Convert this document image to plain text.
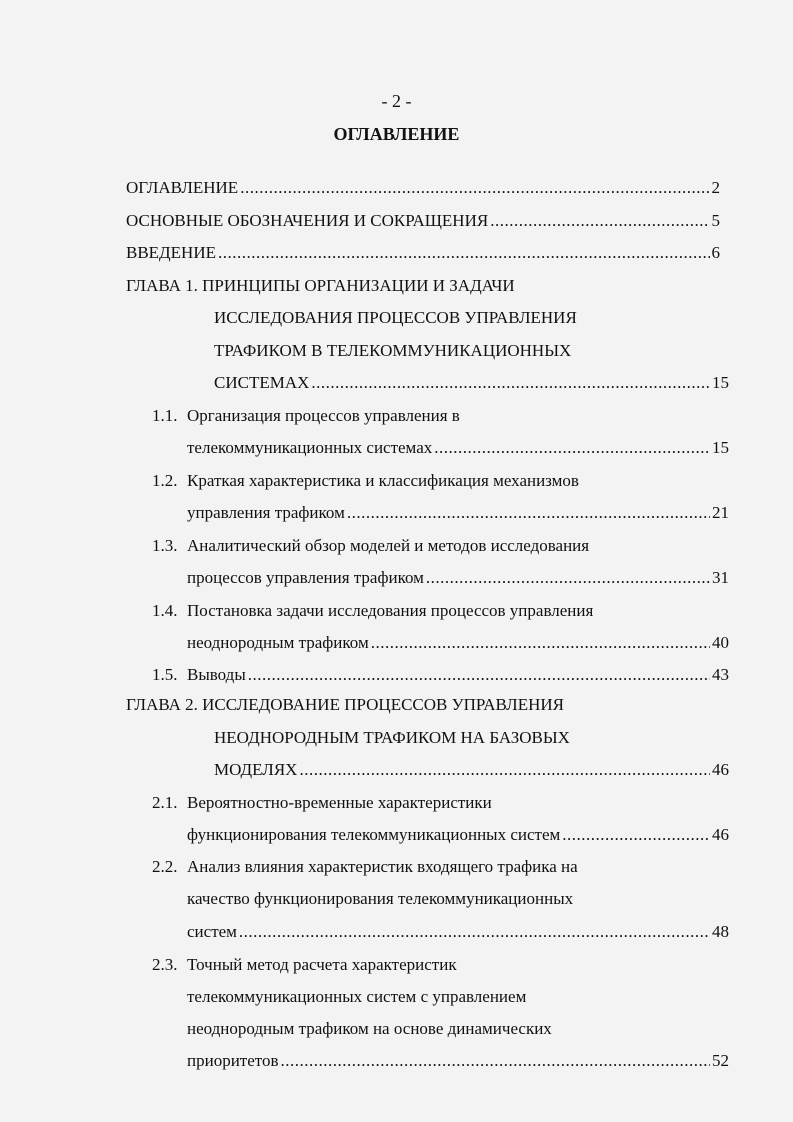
- 2 -
ОГЛАВЛЕНИЕ
ОГЛАВЛЕНИЕ .....	2
ОСНОВНЫЕ ОБОЗНАЧЕНИЯ И СОКРАЩЕНИЯ .....	5
ВВЕДЕНИЕ .....	6
ГЛАВА 1. ПРИНЦИПЫ ОРГАНИЗАЦИИ И ЗАДАЧИ
ИССЛЕДОВАНИЯ ПРОЦЕССОВ УПРАВЛЕНИЯ
ТРАФИКОМ В ТЕЛЕКОММУНИКАЦИОННЫХ
СИСТЕМАХ .....	15
1.1. Организация процессов управления в
телекоммуникационных системах .....	15
1.2. Краткая характеристика и классификация механизмов
управления трафиком .....	21
1.3. Аналитический обзор моделей и методов исследования
процессов управления трафиком .....	31
1.4. Постановка задачи исследования процессов управления
неоднородным трафиком .....	40
1.5. Выводы .....	43
ГЛАВА 2. ИССЛЕДОВАНИЕ ПРОЦЕССОВ УПРАВЛЕНИЯ
НЕОДНОРОДНЫМ ТРАФИКОМ НА БАЗОВЫХ
МОДЕЛЯХ .....	46
2.1. Вероятностно-временные характеристики
функционирования телекоммуникационных систем .....	46
2.2. Анализ влияния характеристик входящего трафика на
качество функционирования телекоммуникационных
систем .....	48
2.3. Точный метод расчета характеристик
телекоммуникационных систем с управлением
неоднородным трафиком на основе динамических
приоритетов .....	52
